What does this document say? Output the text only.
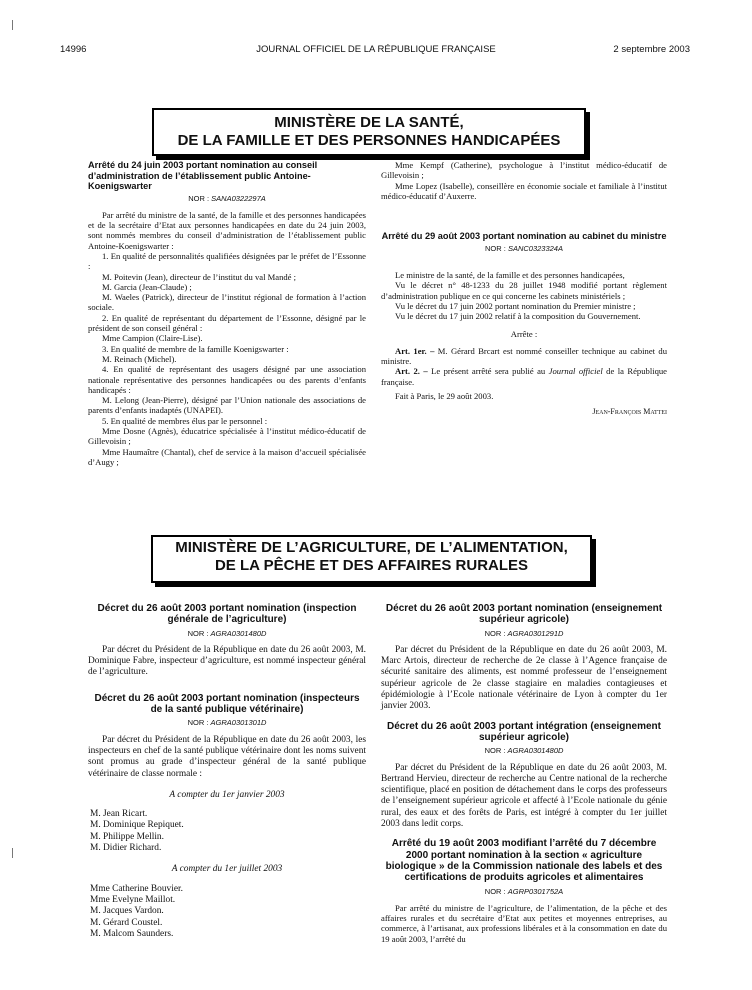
14996	JOURNAL OFFICIEL DE LA RÉPUBLIQUE FRANÇAISE	2 septembre 2003
MINISTÈRE DE LA SANTÉ,
DE LA FAMILLE ET DES PERSONNES HANDICAPÉES
Arrêté du 24 juin 2003 portant nomination au conseil d’administration de l’établissement public Antoine-Koenigswarter
NOR : SANA0322297A

Par arrêté du ministre de la santé, de la famille et des personnes handicapées et de la secrétaire d’Etat aux personnes handicapées en date du 24 juin 2003, sont nommés membres du conseil d’administration de l’établissement public Antoine-Koenigswarter :

1. En qualité de personnalités qualifiées désignées par le préfet de l’Essonne :

M. Poitevin (Jean), directeur de l’institut du val Mandé ;

M. Garcia (Jean-Claude) ;

M. Waeles (Patrick), directeur de l’institut régional de formation à l’action sociale.

2. En qualité de représentant du département de l’Essonne, désigné par le président de son conseil général :

Mme Campion (Claire-Lise).

3. En qualité de membre de la famille Koenigswarter :

M. Reinach (Michel).

4. En qualité de représentant des usagers désigné par une association nationale représentative des personnes handicapées ou des parents d’enfants handicapés :

M. Lelong (Jean-Pierre), désigné par l’Union nationale des associations de parents d’enfants inadaptés (UNAPEI).

5. En qualité de membres élus par le personnel :

Mme Dosne (Agnès), éducatrice spécialisée à l’institut médico-éducatif de Gillevoisin ;

Mme Haumaître (Chantal), chef de service à la maison d’accueil spécialisée d’Augy ;

Mme Kempf (Catherine), psychologue à l’institut médico-éducatif de Gillevoisin ;

Mme Lopez (Isabelle), conseillère en économie sociale et familiale à l’institut médico-éducatif d’Auxerre.

Arrêté du 29 août 2003 portant nomination au cabinet du ministre
NOR : SANC0323324A

Le ministre de la santé, de la famille et des personnes handicapées,

Vu le décret n° 48-1233 du 28 juillet 1948 modifié portant règlement d’administration publique en ce qui concerne les cabinets ministériels ;

Vu le décret du 17 juin 2002 portant nomination du Premier ministre ;

Vu le décret du 17 juin 2002 relatif à la composition du Gouvernement.

Arrête :

Art. 1er. – M. Gérard Brcart est nommé conseiller technique au cabinet du ministre.

Art. 2. – Le présent arrêté sera publié au Journal officiel de la République française.

Fait à Paris, le 29 août 2003.

Jean-François Mattei
MINISTÈRE DE L’AGRICULTURE, DE L’ALIMENTATION,
DE LA PÊCHE ET DES AFFAIRES RURALES
Décret du 26 août 2003 portant nomination (inspection générale de l’agriculture)
NOR : AGRA0301480D

Par décret du Président de la République en date du 26 août 2003, M. Dominique Fabre, inspecteur d’agriculture, est nommé inspecteur général de l’agriculture.

Décret du 26 août 2003 portant nomination (inspecteurs de la santé publique vétérinaire)
NOR : AGRA0301301D

Par décret du Président de la République en date du 26 août 2003, les inspecteurs en chef de la santé publique vétérinaire dont les noms suivent sont promus au grade d’inspecteur général de la santé publique vétérinaire de classe normale :

A compter du 1er janvier 2003

M. Jean Ricart.

M. Dominique Repiquet.

M. Philippe Mellin.

M. Didier Richard.

A compter du 1er juillet 2003

Mme Catherine Bouvier.

Mme Evelyne Maillot.

M. Jacques Vardon.

M. Gérard Coustel.

M. Malcom Saunders.

Décret du 26 août 2003 portant nomination (enseignement supérieur agricole)
NOR : AGRA0301291D

Par décret du Président de la République en date du 26 août 2003, M. Marc Artois, directeur de recherche de 2e classe à l’Agence française de sécurité sanitaire des aliments, est nommé professeur de l’enseignement supérieur agricole de 2e classe stagiaire en maladies contagieuses et épidémiologie à l’Ecole nationale vétérinaire de Lyon à compter du 1er janvier 2003.

Décret du 26 août 2003 portant intégration (enseignement supérieur agricole)
NOR : AGRA0301480D

Par décret du Président de la République en date du 26 août 2003, M. Bertrand Hervieu, directeur de recherche au Centre national de la recherche scientifique, placé en position de détachement dans le corps des professeurs de l’enseignement supérieur agricole et affecté à l’Ecole nationale du génie rural, des eaux et des forêts de Paris, est intégré à compter du 1er juillet 2003 dans ledit corps.

Arrêté du 19 août 2003 modifiant l’arrêté du 7 décembre 2000 portant nomination à la section « agriculture biologique » de la Commission nationale des labels et des certifications de produits agricoles et alimentaires
NOR : AGRP0301752A

Par arrêté du ministre de l’agriculture, de l’alimentation, de la pêche et des affaires rurales et du secrétaire d’Etat aux petites et moyennes entreprises, au commerce, à l’artisanat, aux professions libérales et à la consommation en date du 19 août 2003, l’arrêté du
